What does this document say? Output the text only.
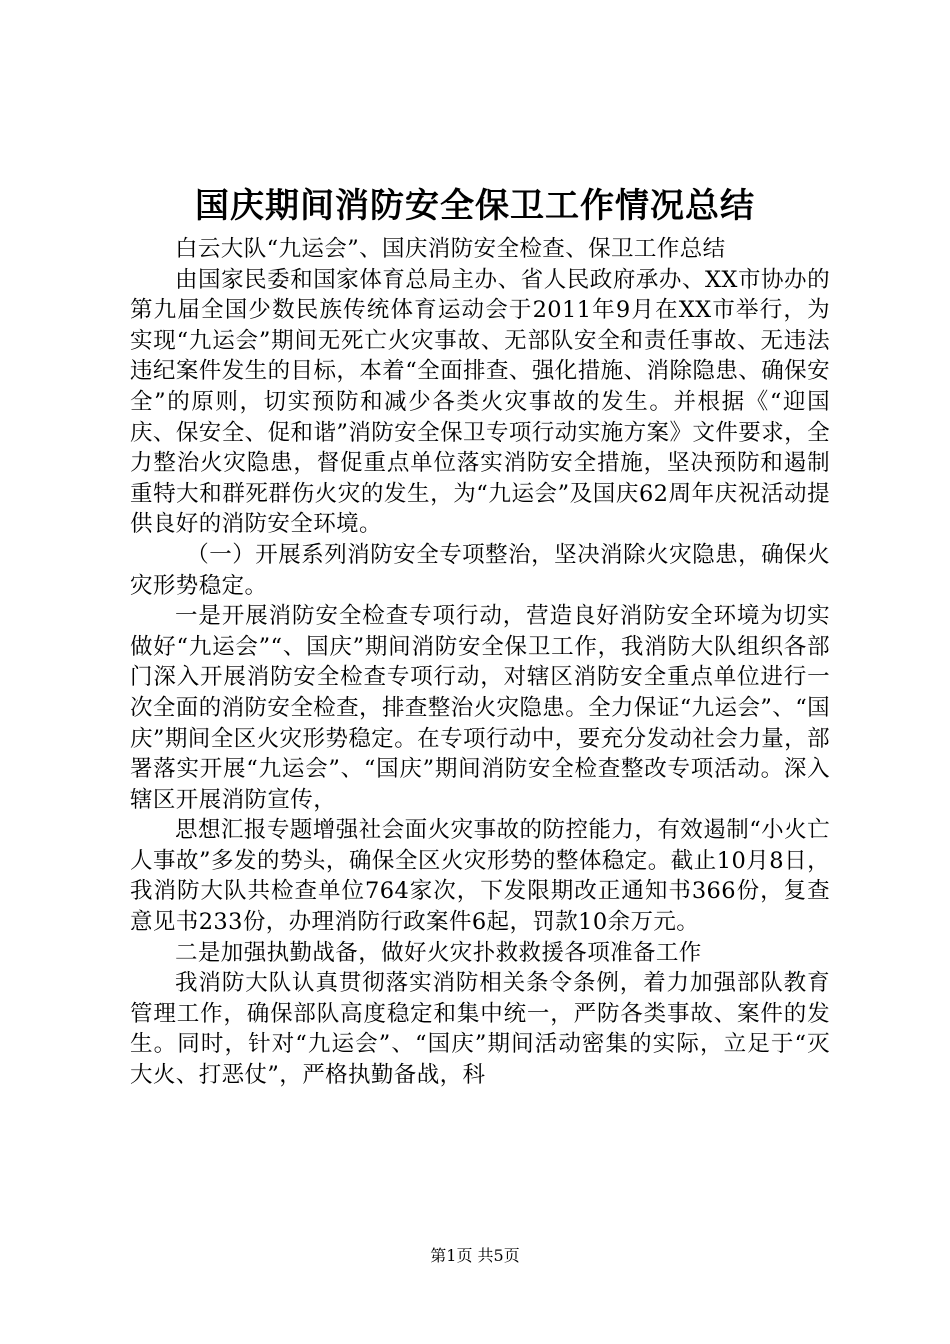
国庆期间消防安全保卫工作情况总结

白云大队“九运会”、国庆消防安全检查、保卫工作总结

由国家民委和国家体育总局主办、省人民政府承办、XX市协办的第九届全国少数民族传统体育运动会于2011年9月在XX市举行，为实现“九运会”期间无死亡火灾事故、无部队安全和责任事故、无违法违纪案件发生的目标，本着“全面排查、强化措施、消除隐患、确保安全”的原则，切实预防和减少各类火灾事故的发生。并根据《“迎国庆、保安全、促和谐”消防安全保卫专项行动实施方案》文件要求，全力整治火灾隐患，督促重点单位落实消防安全措施，坚决预防和遏制重特大和群死群伤火灾的发生，为“九运会”及国庆62周年庆祝活动提供良好的消防安全环境。

（一）开展系列消防安全专项整治，坚决消除火灾隐患，确保火灾形势稳定。

一是开展消防安全检查专项行动，营造良好消防安全环境为切实做好“九运会”“、国庆”期间消防安全保卫工作，我消防大队组织各部门深入开展消防安全检查专项行动，对辖区消防安全重点单位进行一次全面的消防安全检查，排查整治火灾隐患。全力保证“九运会”、“国庆”期间全区火灾形势稳定。在专项行动中，要充分发动社会力量，部署落实开展“九运会”、“国庆”期间消防安全检查整改专项活动。深入辖区开展消防宣传，

思想汇报专题增强社会面火灾事故的防控能力，有效遏制“小火亡人事故”多发的势头，确保全区火灾形势的整体稳定。截止10月8日，我消防大队共检查单位764家次，下发限期改正通知书366份，复查意见书233份，办理消防行政案件6起，罚款10余万元。

二是加强执勤战备，做好火灾扑救救援各项准备工作

我消防大队认真贯彻落实消防相关条令条例，着力加强部队教育管理工作，确保部队高度稳定和集中统一，严防各类事故、案件的发生。同时，针对“九运会”、“国庆”期间活动密集的实际，立足于“灭大火、打恶仗”，严格执勤备战，科

第1页 共5页
